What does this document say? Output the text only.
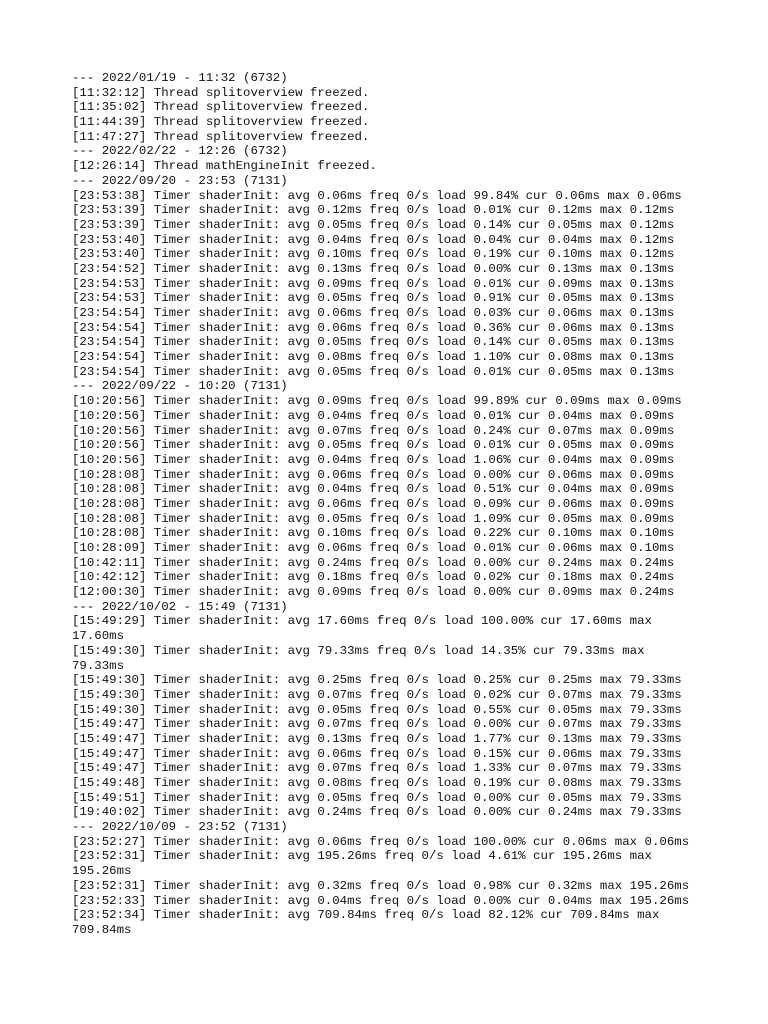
--- 2022/01/19 - 11:32 (6732)
[11:32:12] Thread splitoverview freezed.
[11:35:02] Thread splitoverview freezed.
[11:44:39] Thread splitoverview freezed.
[11:47:27] Thread splitoverview freezed.
--- 2022/02/22 - 12:26 (6732)
[12:26:14] Thread mathEngineInit freezed.
--- 2022/09/20 - 23:53 (7131)
[23:53:38] Timer shaderInit: avg 0.06ms freq 0/s load 99.84% cur 0.06ms max 0.06ms
[23:53:39] Timer shaderInit: avg 0.12ms freq 0/s load 0.01% cur 0.12ms max 0.12ms
[23:53:39] Timer shaderInit: avg 0.05ms freq 0/s load 0.14% cur 0.05ms max 0.12ms
[23:53:40] Timer shaderInit: avg 0.04ms freq 0/s load 0.04% cur 0.04ms max 0.12ms
[23:53:40] Timer shaderInit: avg 0.10ms freq 0/s load 0.19% cur 0.10ms max 0.12ms
[23:54:52] Timer shaderInit: avg 0.13ms freq 0/s load 0.00% cur 0.13ms max 0.13ms
[23:54:53] Timer shaderInit: avg 0.09ms freq 0/s load 0.01% cur 0.09ms max 0.13ms
[23:54:53] Timer shaderInit: avg 0.05ms freq 0/s load 0.91% cur 0.05ms max 0.13ms
[23:54:54] Timer shaderInit: avg 0.06ms freq 0/s load 0.03% cur 0.06ms max 0.13ms
[23:54:54] Timer shaderInit: avg 0.06ms freq 0/s load 0.36% cur 0.06ms max 0.13ms
[23:54:54] Timer shaderInit: avg 0.05ms freq 0/s load 0.14% cur 0.05ms max 0.13ms
[23:54:54] Timer shaderInit: avg 0.08ms freq 0/s load 1.10% cur 0.08ms max 0.13ms
[23:54:54] Timer shaderInit: avg 0.05ms freq 0/s load 0.01% cur 0.05ms max 0.13ms
--- 2022/09/22 - 10:20 (7131)
[10:20:56] Timer shaderInit: avg 0.09ms freq 0/s load 99.89% cur 0.09ms max 0.09ms
[10:20:56] Timer shaderInit: avg 0.04ms freq 0/s load 0.01% cur 0.04ms max 0.09ms
[10:20:56] Timer shaderInit: avg 0.07ms freq 0/s load 0.24% cur 0.07ms max 0.09ms
[10:20:56] Timer shaderInit: avg 0.05ms freq 0/s load 0.01% cur 0.05ms max 0.09ms
[10:20:56] Timer shaderInit: avg 0.04ms freq 0/s load 1.06% cur 0.04ms max 0.09ms
[10:28:08] Timer shaderInit: avg 0.06ms freq 0/s load 0.00% cur 0.06ms max 0.09ms
[10:28:08] Timer shaderInit: avg 0.04ms freq 0/s load 0.51% cur 0.04ms max 0.09ms
[10:28:08] Timer shaderInit: avg 0.06ms freq 0/s load 0.09% cur 0.06ms max 0.09ms
[10:28:08] Timer shaderInit: avg 0.05ms freq 0/s load 1.09% cur 0.05ms max 0.09ms
[10:28:08] Timer shaderInit: avg 0.10ms freq 0/s load 0.22% cur 0.10ms max 0.10ms
[10:28:09] Timer shaderInit: avg 0.06ms freq 0/s load 0.01% cur 0.06ms max 0.10ms
[10:42:11] Timer shaderInit: avg 0.24ms freq 0/s load 0.00% cur 0.24ms max 0.24ms
[10:42:12] Timer shaderInit: avg 0.18ms freq 0/s load 0.02% cur 0.18ms max 0.24ms
[12:00:30] Timer shaderInit: avg 0.09ms freq 0/s load 0.00% cur 0.09ms max 0.24ms
--- 2022/10/02 - 15:49 (7131)
[15:49:29] Timer shaderInit: avg 17.60ms freq 0/s load 100.00% cur 17.60ms max 17.60ms
[15:49:30] Timer shaderInit: avg 79.33ms freq 0/s load 14.35% cur 79.33ms max 79.33ms
[15:49:30] Timer shaderInit: avg 0.25ms freq 0/s load 0.25% cur 0.25ms max 79.33ms
[15:49:30] Timer shaderInit: avg 0.07ms freq 0/s load 0.02% cur 0.07ms max 79.33ms
[15:49:30] Timer shaderInit: avg 0.05ms freq 0/s load 0.55% cur 0.05ms max 79.33ms
[15:49:47] Timer shaderInit: avg 0.07ms freq 0/s load 0.00% cur 0.07ms max 79.33ms
[15:49:47] Timer shaderInit: avg 0.13ms freq 0/s load 1.77% cur 0.13ms max 79.33ms
[15:49:47] Timer shaderInit: avg 0.06ms freq 0/s load 0.15% cur 0.06ms max 79.33ms
[15:49:47] Timer shaderInit: avg 0.07ms freq 0/s load 1.33% cur 0.07ms max 79.33ms
[15:49:48] Timer shaderInit: avg 0.08ms freq 0/s load 0.19% cur 0.08ms max 79.33ms
[15:49:51] Timer shaderInit: avg 0.05ms freq 0/s load 0.00% cur 0.05ms max 79.33ms
[19:40:02] Timer shaderInit: avg 0.24ms freq 0/s load 0.00% cur 0.24ms max 79.33ms
--- 2022/10/09 - 23:52 (7131)
[23:52:27] Timer shaderInit: avg 0.06ms freq 0/s load 100.00% cur 0.06ms max 0.06ms
[23:52:31] Timer shaderInit: avg 195.26ms freq 0/s load 4.61% cur 195.26ms max 195.26ms
[23:52:31] Timer shaderInit: avg 0.32ms freq 0/s load 0.98% cur 0.32ms max 195.26ms
[23:52:33] Timer shaderInit: avg 0.04ms freq 0/s load 0.00% cur 0.04ms max 195.26ms
[23:52:34] Timer shaderInit: avg 709.84ms freq 0/s load 82.12% cur 709.84ms max 709.84ms
